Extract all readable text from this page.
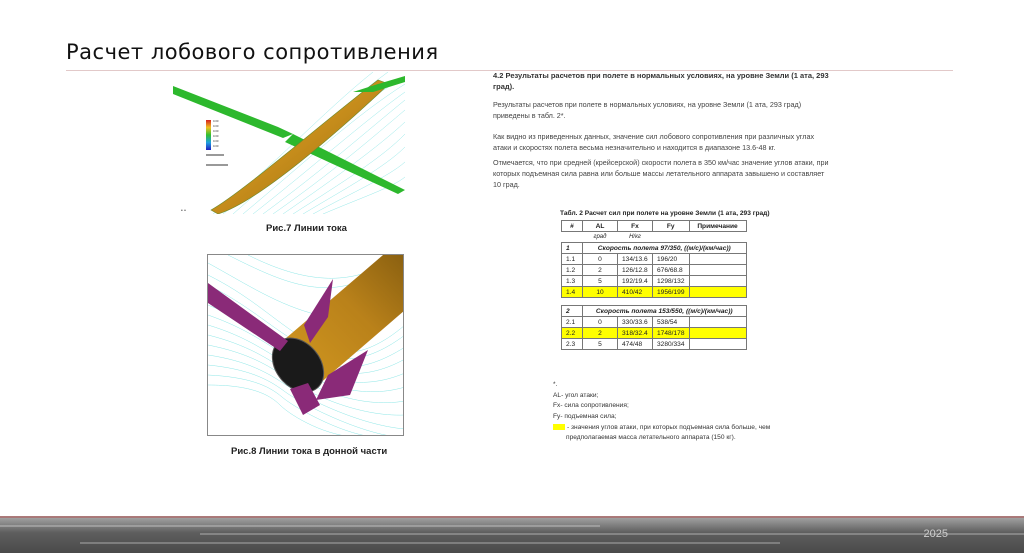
Расчет лобового сопротивления
0.00
0.00
0.00
0.00
0.00
0.00
• •
Рис.7 Линии тока
Рис.8 Линии тока в донной части
4.2 Результаты расчетов при полете в нормальных условиях, на уровне Земли (1 ата, 293 град).
Результаты расчетов при полете в нормальных условиях, на уровне Земли (1 ата, 293 град) приведены в табл. 2*.
Как видно из приведенных данных, значение сил лобового сопротивления при различных углах атаки и скоростях полета весьма незначительно и находится в диапазоне 13.6-48 кг.
Отмечается, что при средней (крейсерской) скорости полета в 350 км/час значение углов атаки, при которых подъемная сила равна или больше массы летательного аппарата завышено и составляет 10 град.
Табл. 2 Расчет сил при полете на уровне Земли (1 ата, 293 град)
#	AL	Fx	Fy	Примечание
	град	Н/кг		
1	Скорость полета 97/350, ((м/с)/(км/час))			
1.1	0	134/13.6	196/20	
1.2	2	126/12.8	676/68.8	
1.3	5	192/19.4	1298/132	
1.4	10	410/42	1956/199	

2	Скорость полета 153/550, ((м/с)/(км/час))			
2.1	0	330/33.6	538/54	
2.2	2	318/32.4	1748/178	
2.3	5	474/48	3280/334	
*.
AL- угол атаки;
Fx- сила сопротивления;
Fy- подъемная сила;
- значения углов атаки, при которых подъемная сила больше, чем
предполагаемая масса летательного аппарата (150 кг).
2025
